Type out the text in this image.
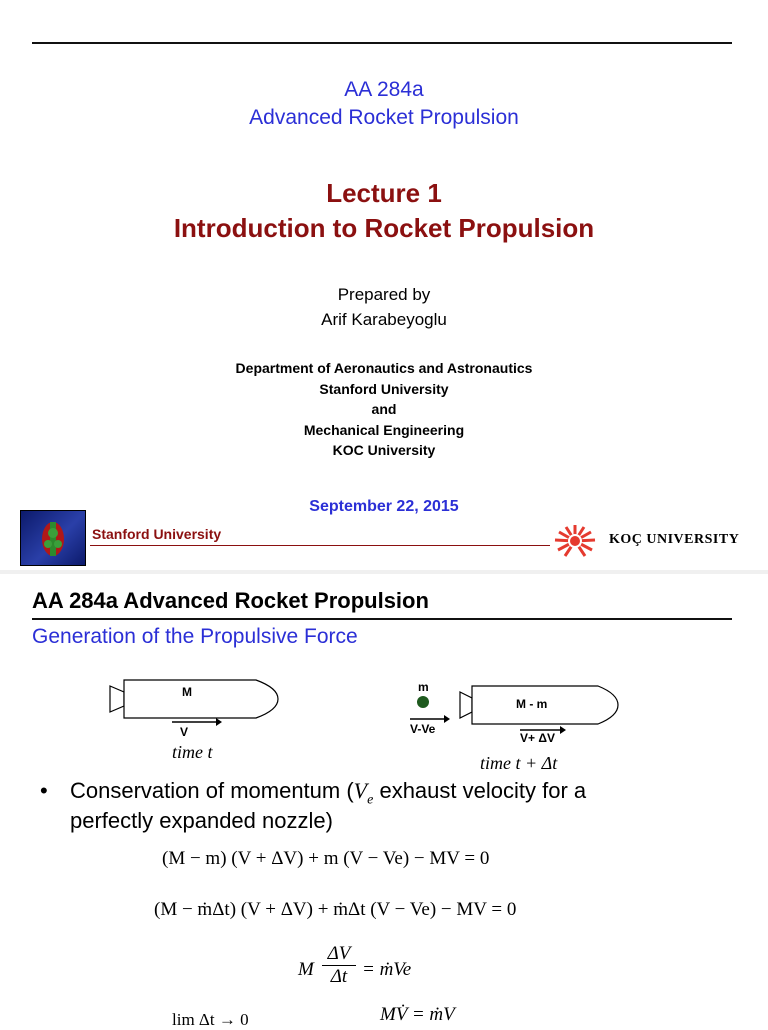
AA 284a
Advanced Rocket Propulsion
Lecture 1
Introduction to Rocket Propulsion
Prepared by
Arif Karabeyoglu
Department of Aeronautics and Astronautics
Stanford University
and
Mechanical Engineering
KOC University
September 22, 2015
Stanford University	KOÇ UNIVERSITY
AA 284a Advanced Rocket Propulsion
Generation of the Propulsive Force
M
V
time t
m
V-Ve
M - m
V+ ΔV
time t + Δt
• Conservation of momentum ($V_e$ exhaust velocity for a
perfectly expanded nozzle)
(M − m) (V + ΔV) + m (V − Ve) − MV = 0
(M − ṁΔt) (V + ΔV) + ṁΔt (V − Ve) − MV = 0
M
ΔV
Δt = ṁVe
lim Δt → 0	MV̇ = ṁV
